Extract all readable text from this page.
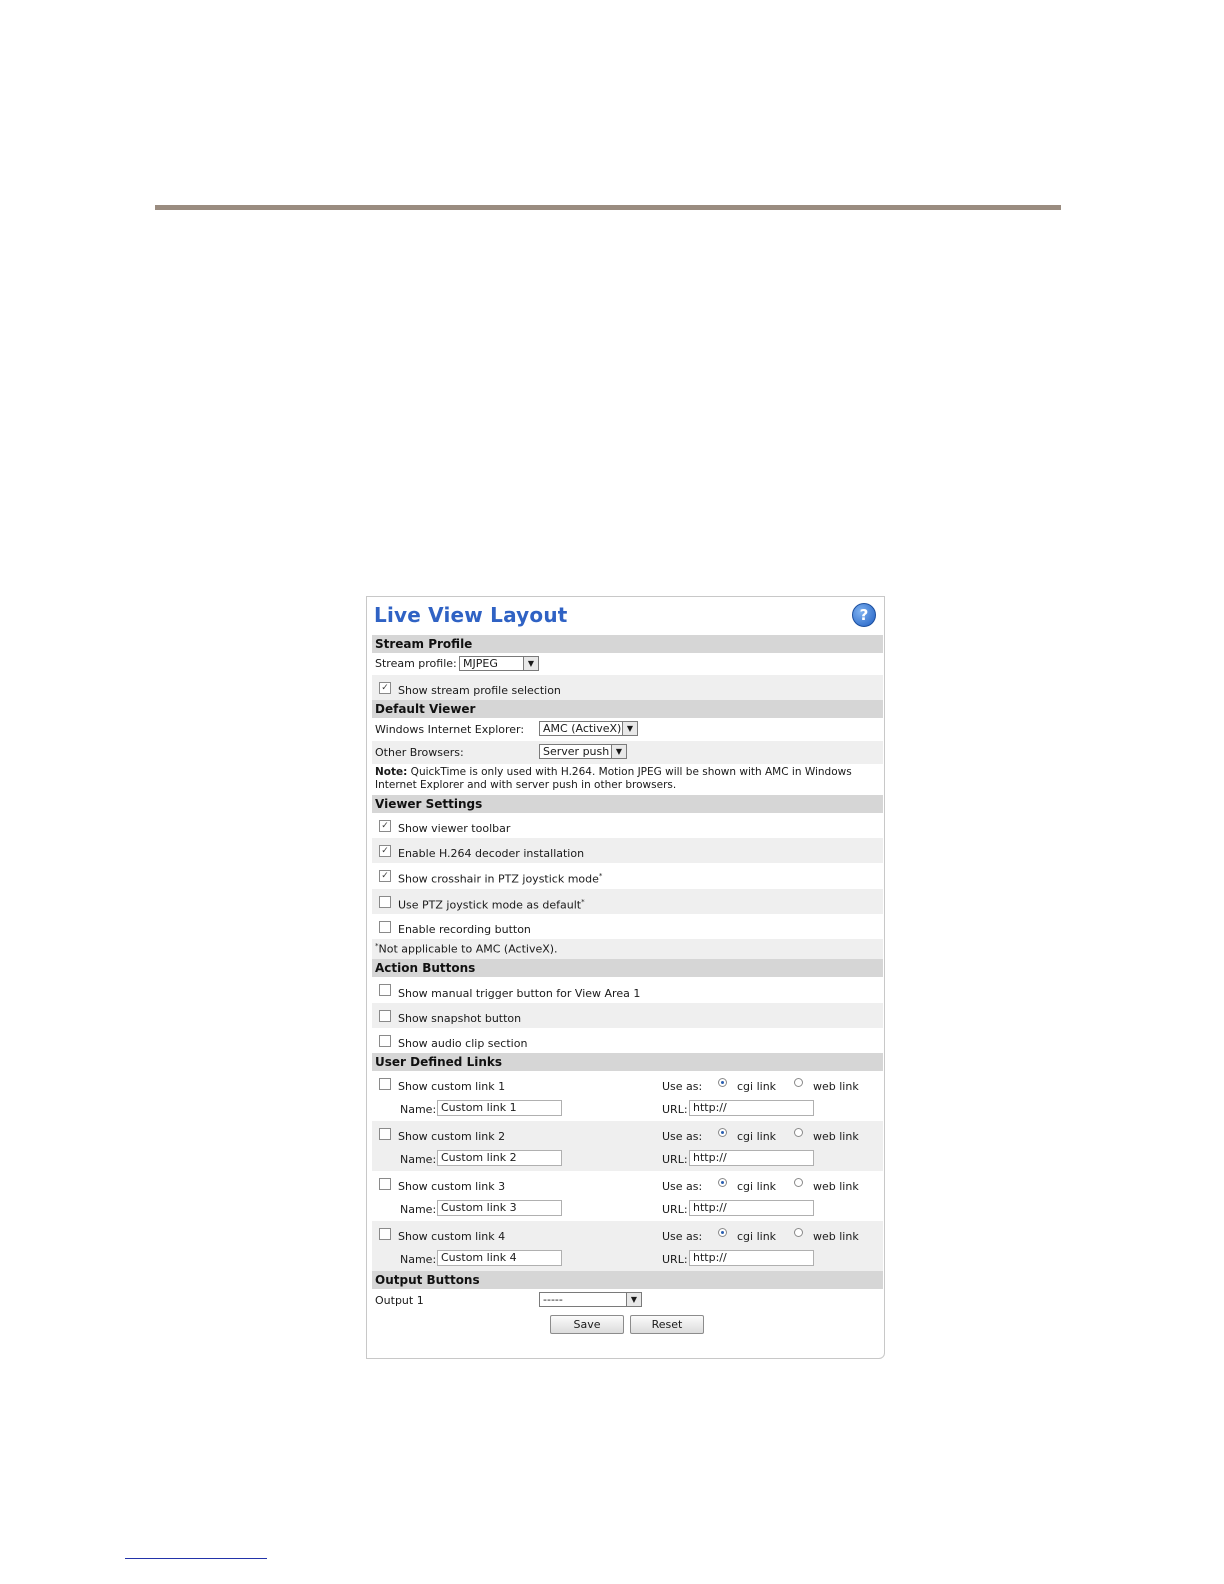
Live View Layout	?
Stream Profile
Stream profile: MJPEG	▼
✓
Show stream profile selection
Default Viewer
Windows Internet Explorer:	AMC (ActiveX) ▼
Other Browsers:	Server push ▼
Note: QuickTime is only used with H.264. Motion JPEG will be shown with AMC in Windows Internet Explorer and with server push in other browsers.
Viewer Settings
✓
Show viewer toolbar
✓
Enable H.264 decoder installation
✓
Show crosshair in PTZ joystick mode*
Use PTZ joystick mode as default*
Enable recording button
*Not applicable to AMC (ActiveX).
Action Buttons
Show manual trigger button for View Area 1
Show snapshot button
Show audio clip section
User Defined Links
Show custom link 1	Use as:	cgi link	web link
Name: Custom link 1	URL: http://
Show custom link 2	Use as:	cgi link	web link
Name: Custom link 2	URL: http://
Show custom link 3	Use as:	cgi link	web link
Name: Custom link 3	URL: http://
Show custom link 4	Use as:	cgi link	web link
Name: Custom link 4	URL: http://
Output Buttons
Output 1	-----	▼
Save	Reset
